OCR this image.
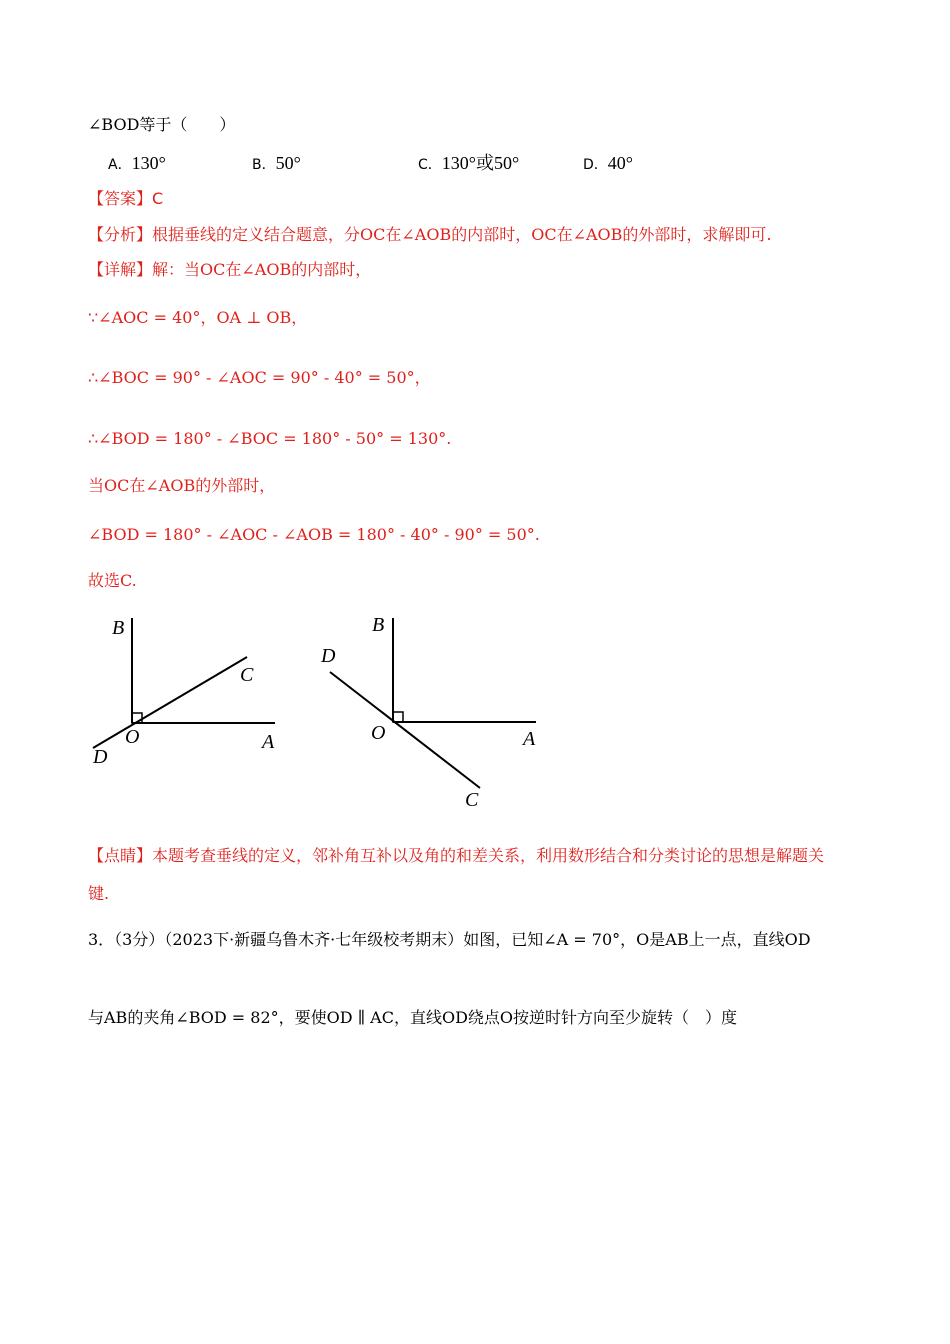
∠BOD等于（　　）
A．130°	B．50°	C．130°或50°	D．40°
【答案】C
【分析】根据垂线的定义结合题意，分OC在∠AOB的内部时，OC在∠AOB的外部时，求解即可.
【详解】解：当OC在∠AOB的内部时，
∵∠AOC = 40°，OA ⊥ OB，
∴∠BOC = 90° - ∠AOC = 90° - 40° = 50°，
∴∠BOD = 180° - ∠BOC = 180° - 50° = 130°.
当OC在∠AOB的外部时，
∠BOD = 180° - ∠AOC - ∠AOB = 180° - 40° - 90° = 50°.
故选C.
B
C
O	A
D
B
D
O	A
C
【点睛】本题考查垂线的定义，邻补角互补以及角的和差关系，利用数形结合和分类讨论的思想是解题关
键.
3．（3分）（2023下·新疆乌鲁木齐·七年级校考期末）如图，已知∠A = 70°，O是AB上一点，直线OD
与AB的夹角∠BOD = 82°，要使OD ∥ AC，直线OD绕点O按逆时针方向至少旋转（　）度
